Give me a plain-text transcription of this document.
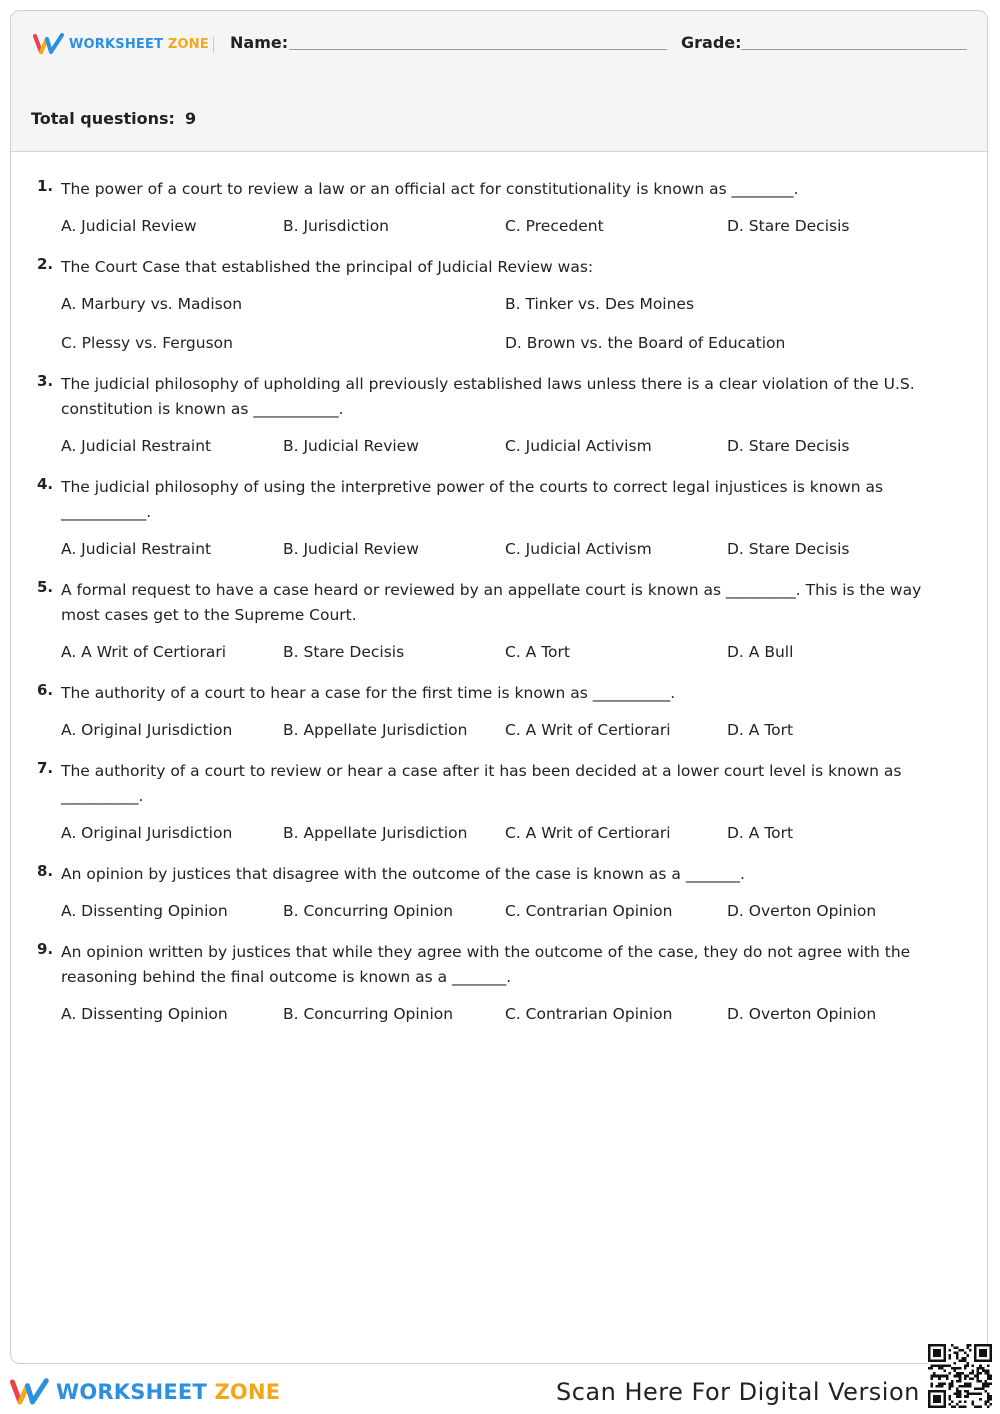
WORKSHEET ZONE Name:	Grade:
Total questions: 9
1. The power of a court to review a law or an official act for constitutionality is known as ________.
A. Judicial Review	B. Jurisdiction	C. Precedent	D. Stare Decisis
2. The Court Case that established the principal of Judicial Review was:
A. Marbury vs. Madison	B. Tinker vs. Des Moines
C. Plessy vs. Ferguson	D. Brown vs. the Board of Education
3. The judicial philosophy of upholding all previously established laws unless there is a clear violation of the U.S. constitution is known as ___________.
A. Judicial Restraint	B. Judicial Review	C. Judicial Activism	D. Stare Decisis
4. The judicial philosophy of using the interpretive power of the courts to correct legal injustices is known as ___________.
A. Judicial Restraint	B. Judicial Review	C. Judicial Activism	D. Stare Decisis
5. A formal request to have a case heard or reviewed by an appellate court is known as _________. This is the way most cases get to the Supreme Court.
A. A Writ of Certiorari	B. Stare Decisis	C. A Tort	D. A Bull
6. The authority of a court to hear a case for the first time is known as __________.
A. Original Jurisdiction	B. Appellate Jurisdiction	C. A Writ of Certiorari	D. A Tort
7. The authority of a court to review or hear a case after it has been decided at a lower court level is known as __________.
A. Original Jurisdiction	B. Appellate Jurisdiction	C. A Writ of Certiorari	D. A Tort
8. An opinion by justices that disagree with the outcome of the case is known as a _______.
A. Dissenting Opinion	B. Concurring Opinion	C. Contrarian Opinion	D. Overton Opinion
9. An opinion written by justices that while they agree with the outcome of the case, they do not agree with the reasoning behind the final outcome is known as a _______.
A. Dissenting Opinion	B. Concurring Opinion	C. Contrarian Opinion	D. Overton Opinion
WORKSHEET ZONE	Scan Here For Digital Version
